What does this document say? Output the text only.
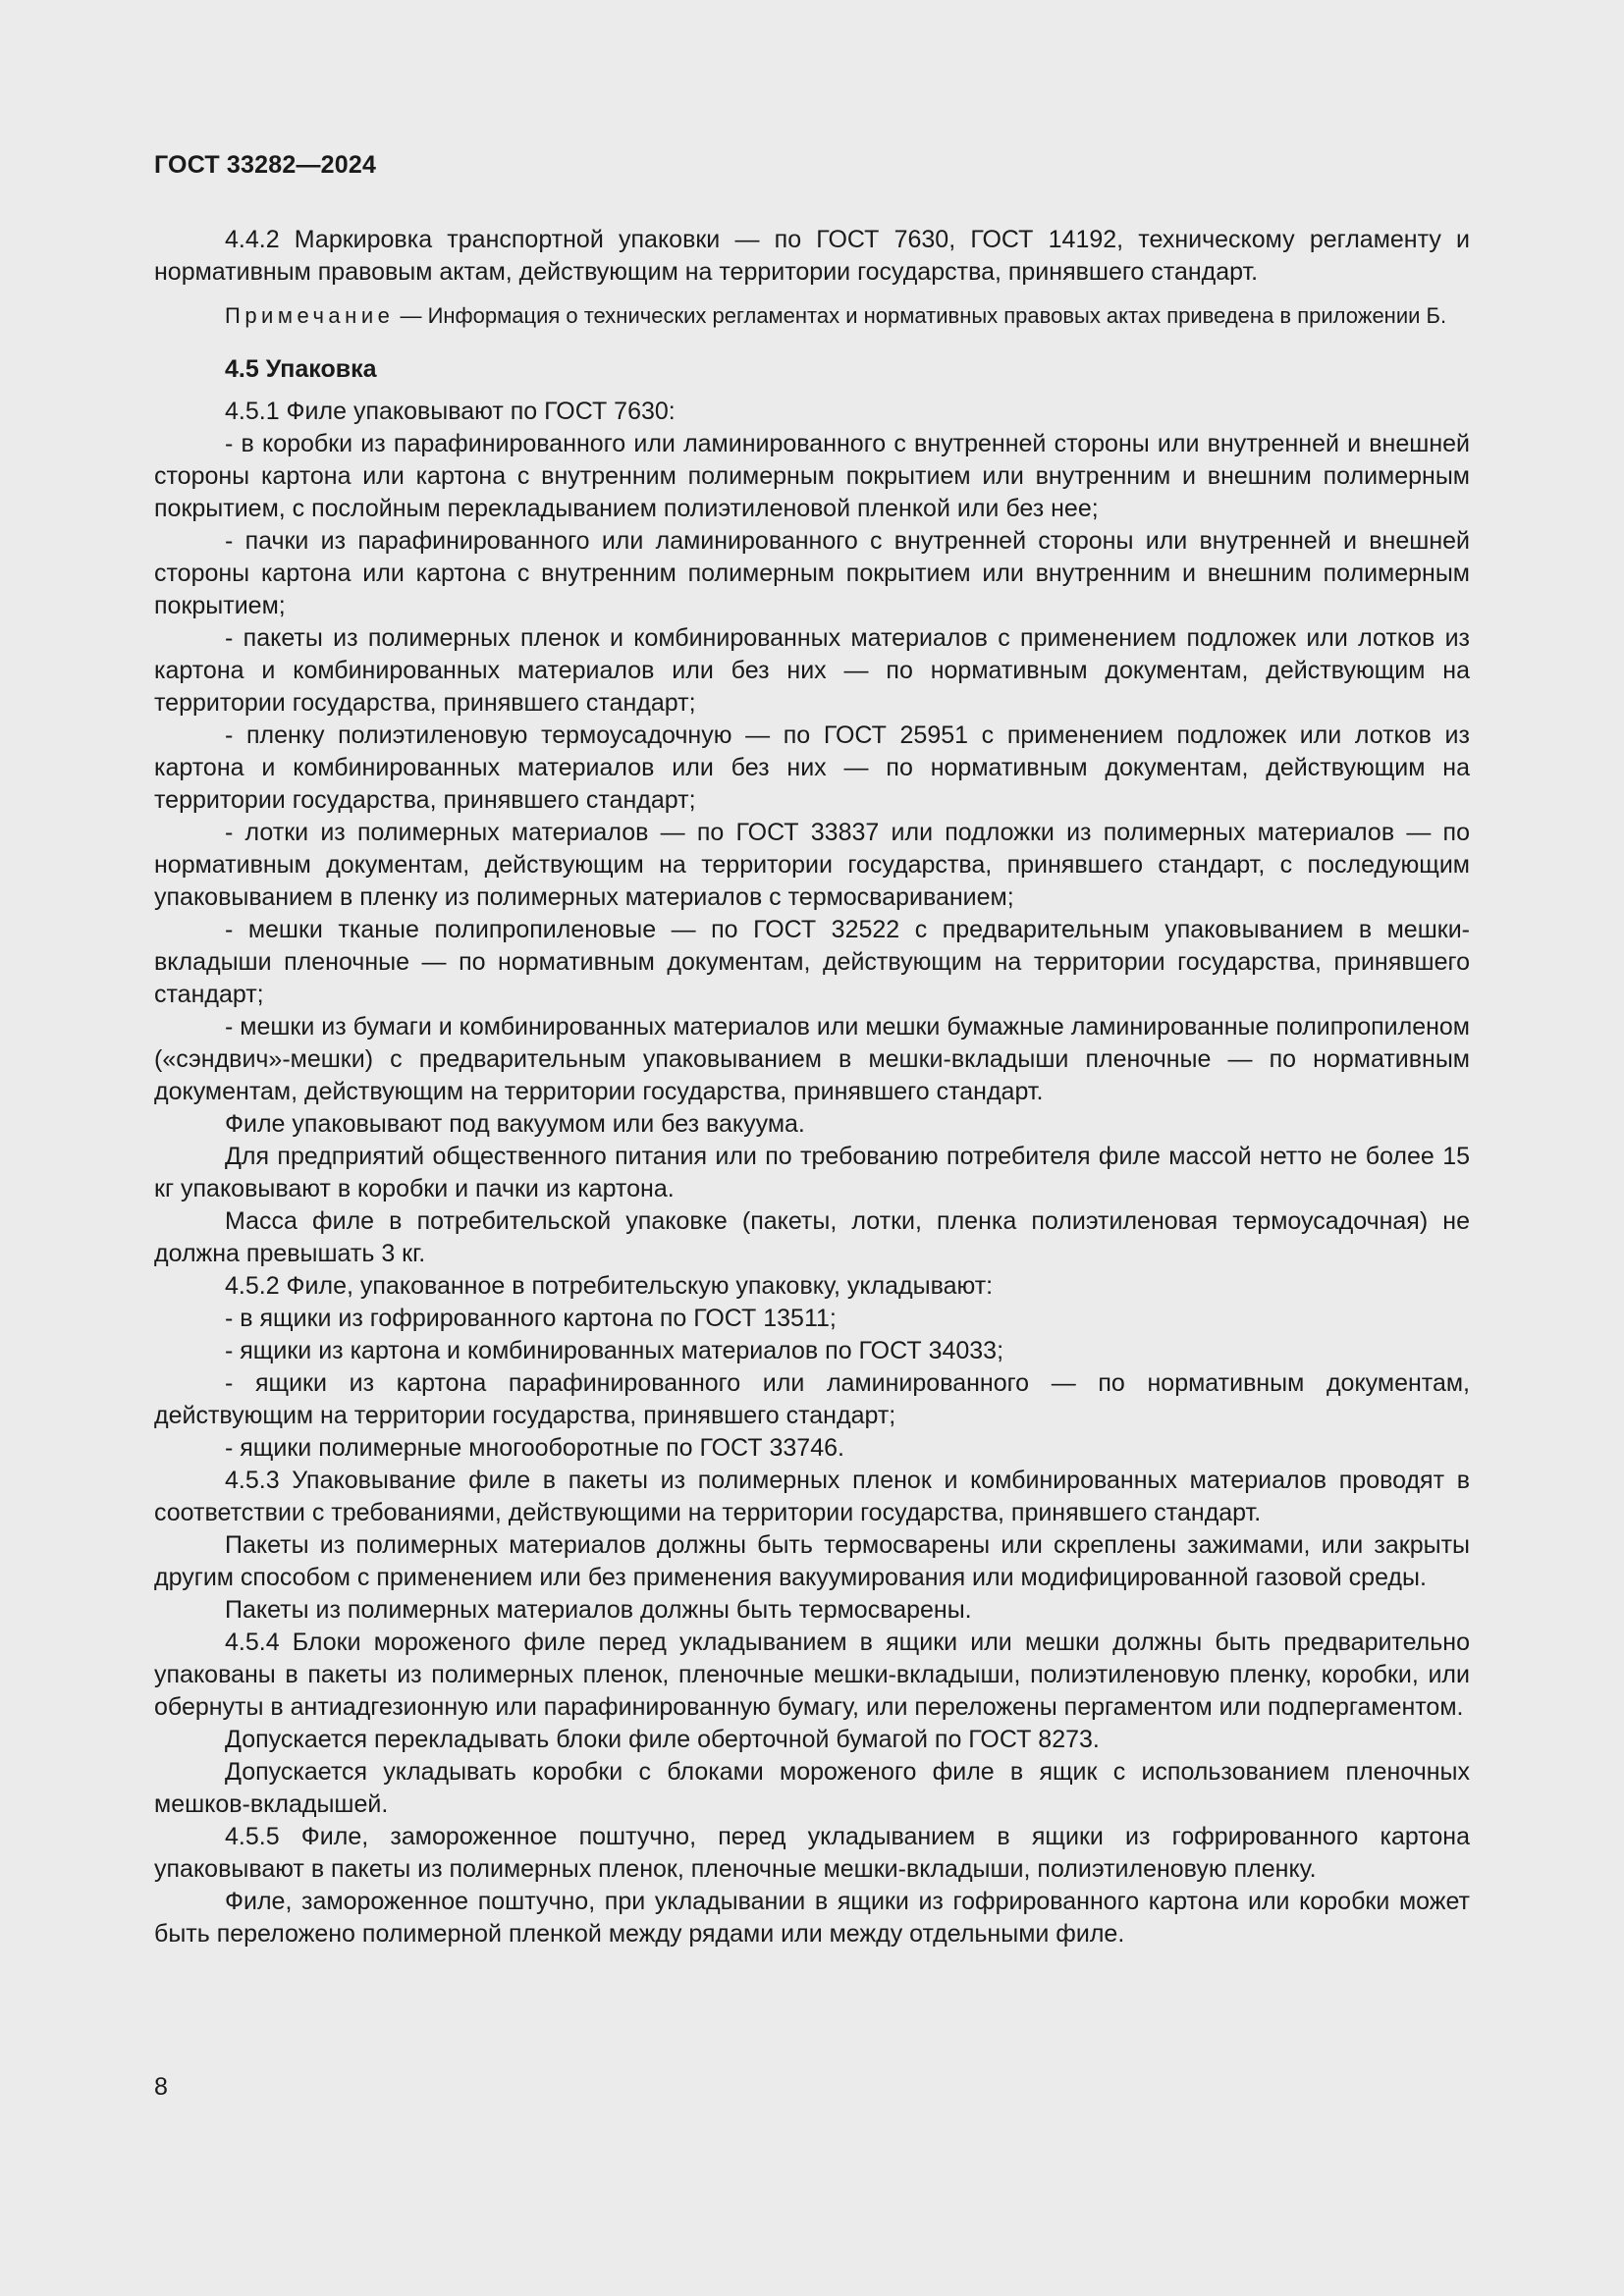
ГОСТ 33282—2024

4.4.2 Маркировка транспортной упаковки — по ГОСТ 7630, ГОСТ 14192, техническому регламенту и нормативным правовым актам, действующим на территории государства, принявшего стандарт.

Примечание — Информация о технических регламентах и нормативных правовых актах приведена в приложении Б.

4.5 Упаковка

4.5.1 Филе упаковывают по ГОСТ 7630:

- в коробки из парафинированного или ламинированного с внутренней стороны или внутренней и внешней стороны картона или картона с внутренним полимерным покрытием или внутренним и внешним полимерным покрытием, с послойным перекладыванием полиэтиленовой пленкой или без нее;

- пачки из парафинированного или ламинированного с внутренней стороны или внутренней и внешней стороны картона или картона с внутренним полимерным покрытием или внутренним и внешним полимерным покрытием;

- пакеты из полимерных пленок и комбинированных материалов с применением подложек или лотков из картона и комбинированных материалов или без них — по нормативным документам, действующим на территории государства, принявшего стандарт;

- пленку полиэтиленовую термоусадочную — по ГОСТ 25951 с применением подложек или лотков из картона и комбинированных материалов или без них — по нормативным документам, действующим на территории государства, принявшего стандарт;

- лотки из полимерных материалов — по ГОСТ 33837 или подложки из полимерных материалов — по нормативным документам, действующим на территории государства, принявшего стандарт, с последующим упаковыванием в пленку из полимерных материалов с термосвариванием;

- мешки тканые полипропиленовые — по ГОСТ 32522 с предварительным упаковыванием в мешки-вкладыши пленочные — по нормативным документам, действующим на территории государства, принявшего стандарт;

- мешки из бумаги и комбинированных материалов или мешки бумажные ламинированные полипропиленом («сэндвич»-мешки) с предварительным упаковыванием в мешки-вкладыши пленочные — по нормативным документам, действующим на территории государства, принявшего стандарт.

Филе упаковывают под вакуумом или без вакуума.

Для предприятий общественного питания или по требованию потребителя филе массой нетто не более 15 кг упаковывают в коробки и пачки из картона.

Масса филе в потребительской упаковке (пакеты, лотки, пленка полиэтиленовая термоусадочная) не должна превышать 3 кг.

4.5.2 Филе, упакованное в потребительскую упаковку, укладывают:

- в ящики из гофрированного картона по ГОСТ 13511;

- ящики из картона и комбинированных материалов по ГОСТ 34033;

- ящики из картона парафинированного или ламинированного — по нормативным документам, действующим на территории государства, принявшего стандарт;

- ящики полимерные многооборотные по ГОСТ 33746.

4.5.3 Упаковывание филе в пакеты из полимерных пленок и комбинированных материалов проводят в соответствии с требованиями, действующими на территории государства, принявшего стандарт.

Пакеты из полимерных материалов должны быть термосварены или скреплены зажимами, или закрыты другим способом с применением или без применения вакуумирования или модифицированной газовой среды.

Пакеты из полимерных материалов должны быть термосварены.

4.5.4 Блоки мороженого филе перед укладыванием в ящики или мешки должны быть предварительно упакованы в пакеты из полимерных пленок, пленочные мешки-вкладыши, полиэтиленовую пленку, коробки, или обернуты в антиадгезионную или парафинированную бумагу, или переложены пергаментом или подпергаментом.

Допускается перекладывать блоки филе оберточной бумагой по ГОСТ 8273.

Допускается укладывать коробки с блоками мороженого филе в ящик с использованием пленочных мешков-вкладышей.

4.5.5 Филе, замороженное поштучно, перед укладыванием в ящики из гофрированного картона упаковывают в пакеты из полимерных пленок, пленочные мешки-вкладыши, полиэтиленовую пленку.

Филе, замороженное поштучно, при укладывании в ящики из гофрированного картона или коробки может быть переложено полимерной пленкой между рядами или между отдельными филе.

8
